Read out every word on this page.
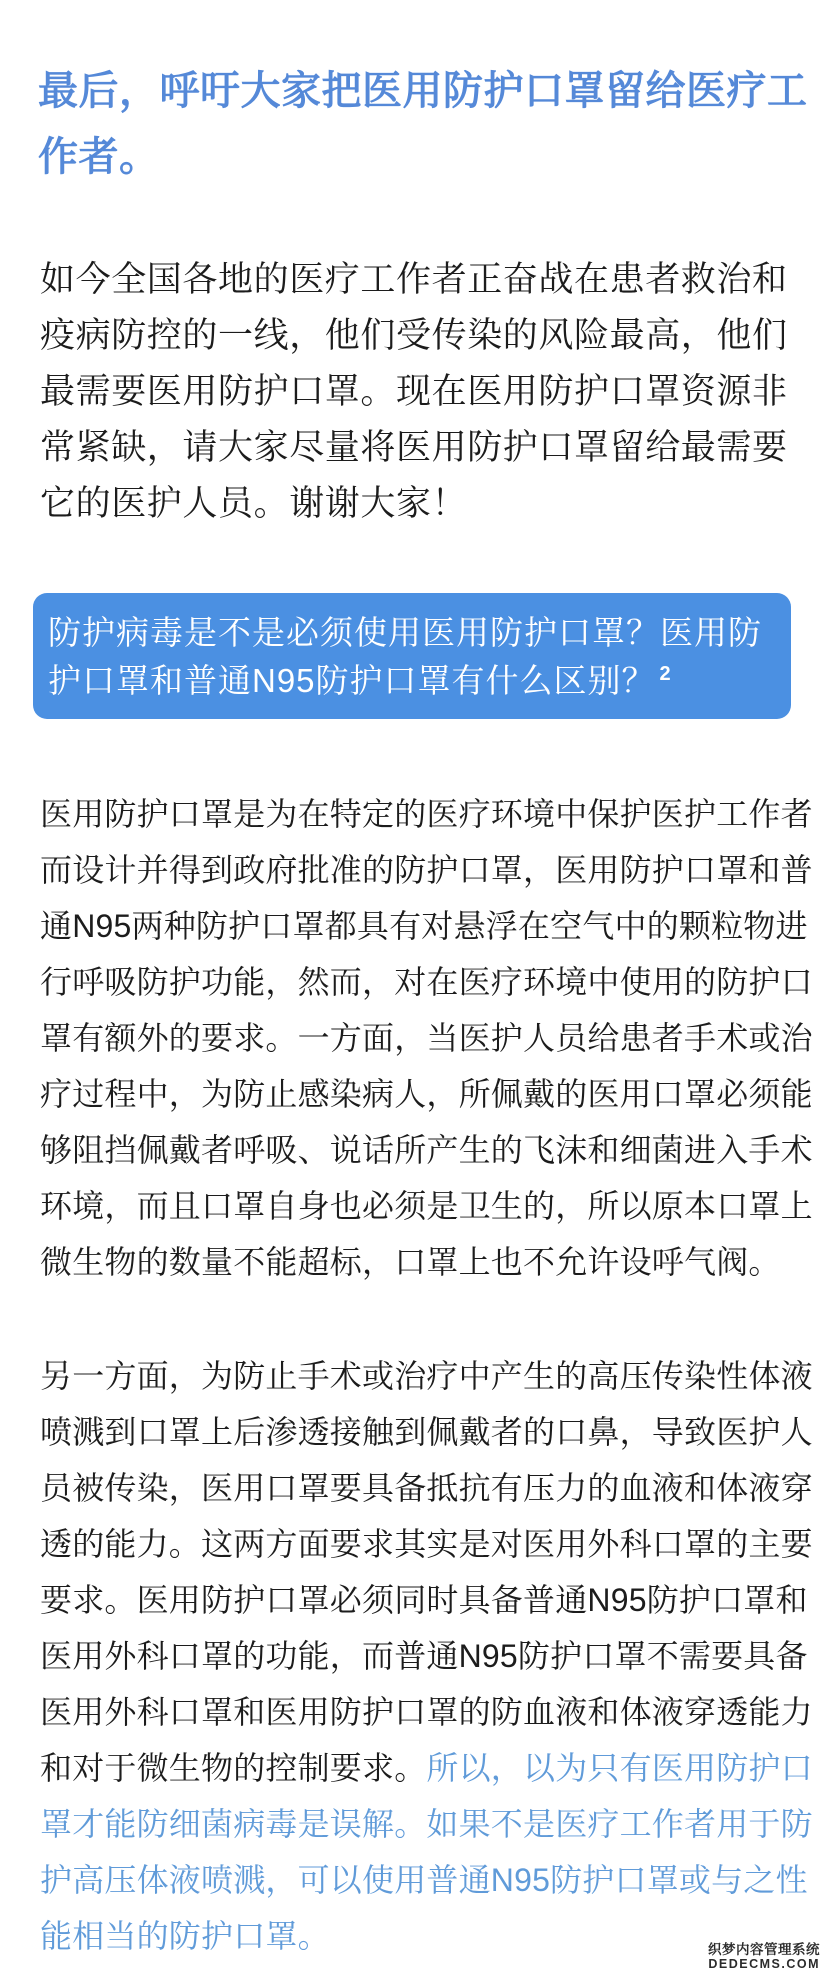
最后，呼吁大家把医用防护口罩留给医疗工
作者。
如今全国各地的医疗工作者正奋战在患者救治和
疫病防控的一线，他们受传染的风险最高，他们
最需要医用防护口罩。现在医用防护口罩资源非
常紧缺，请大家尽量将医用防护口罩留给最需要
它的医护人员。谢谢大家！
防护病毒是不是必须使用医用防护口罩？医用防
护口罩和普通N95防护口罩有什么区别？ $^2$
医用防护口罩是为在特定的医疗环境中保护医护工作者
而设计并得到政府批准的防护口罩，医用防护口罩和普
通N95两种防护口罩都具有对悬浮在空气中的颗粒物进
行呼吸防护功能，然而，对在医疗环境中使用的防护口
罩有额外的要求。一方面，当医护人员给患者手术或治
疗过程中，为防止感染病人，所佩戴的医用口罩必须能
够阻挡佩戴者呼吸、说话所产生的飞沫和细菌进入手术
环境，而且口罩自身也必须是卫生的，所以原本口罩上
微生物的数量不能超标，口罩上也不允许设呼气阀。
另一方面，为防止手术或治疗中产生的高压传染性体液
喷溅到口罩上后渗透接触到佩戴者的口鼻，导致医护人
员被传染，医用口罩要具备抵抗有压力的血液和体液穿
透的能力。这两方面要求其实是对医用外科口罩的主要
要求。医用防护口罩必须同时具备普通N95防护口罩和
医用外科口罩的功能，而普通N95防护口罩不需要具备
医用外科口罩和医用防护口罩的防血液和体液穿透能力
和对于微生物的控制要求。所以，以为只有医用防护口
罩才能防细菌病毒是误解。如果不是医疗工作者用于防
护高压体液喷溅，可以使用普通N95防护口罩或与之性
能相当的防护口罩。	织梦内容管理系统
DEDECMS.COM
